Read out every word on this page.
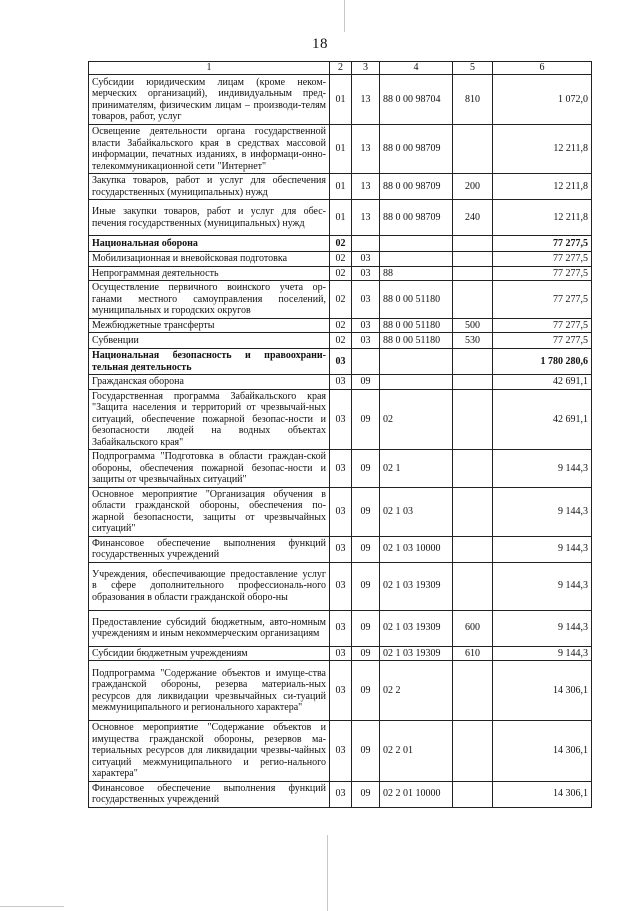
18
1	2	3	4	5	6
Субсидии юридическим лицам (кроме неком-мерческих организаций), индивидуальным пред-принимателям, физическим лицам – производи-телям товаров, работ, услуг	01	13	88 0 00 98704	810	1 072,0
Освещение деятельности органа государственной власти Забайкальского края в средствах массовой информации, печатных изданиях, в информаци-онно-телекоммуникационной сети "Интернет"	01	13	88 0 00 98709		12 211,8
Закупка товаров, работ и услуг для обеспечения государственных (муниципальных) нужд	01	13	88 0 00 98709	200	12 211,8
Иные закупки товаров, работ и услуг для обес-печения государственных (муниципальных) нужд	01	13	88 0 00 98709	240	12 211,8
Национальная оборона	02				77 277,5
Мобилизационная и вневойсковая подготовка	02	03			77 277,5
Непрограммная деятельность	02	03	88		77 277,5
Осуществление первичного воинского учета ор-ганами местного самоуправления поселений, муниципальных и городских округов	02	03	88 0 00 51180		77 277,5
Межбюджетные трансферты	02	03	88 0 00 51180	500	77 277,5
Субвенции	02	03	88 0 00 51180	530	77 277,5
Национальная безопасность и правоохрани-тельная деятельность	03				1 780 280,6
Гражданская оборона	03	09			42 691,1
Государственная программа Забайкальского края "Защита населения и территорий от чрезвычай-ных ситуаций, обеспечение пожарной безопас-ности и безопасности людей на водных объектах Забайкальского края"	03	09	02		42 691,1
Подпрограмма "Подготовка в области граждан-ской обороны, обеспечения пожарной безопас-ности и защиты от чрезвычайных ситуаций"	03	09	02 1		9 144,3
Основное мероприятие "Организация обучения в области гражданской обороны, обеспечения по-жарной безопасности, защиты от чрезвычайных ситуаций"	03	09	02 1 03		9 144,3
Финансовое обеспечение выполнения функций государственных учреждений	03	09	02 1 03 10000		9 144,3
Учреждения, обеспечивающие предоставление услуг в сфере дополнительного профессиональ-ного образования в области гражданской оборо-ны	03	09	02 1 03 19309		9 144,3
Предоставление субсидий бюджетным, авто-номным учреждениям и иным некоммерческим организациям	03	09	02 1 03 19309	600	9 144,3
Субсидии бюджетным учреждениям	03	09	02 1 03 19309	610	9 144,3
Подпрограмма "Содержание объектов и имуще-ства гражданской обороны, резерва материаль-ных ресурсов для ликвидации чрезвычайных си-туаций межмуниципального и регионального характера"	03	09	02 2		14 306,1
Основное мероприятие "Содержание объектов и имущества гражданской обороны, резервов ма-териальных ресурсов для ликвидации чрезвы-чайных ситуаций межмуниципального и регио-нального характера"	03	09	02 2 01		14 306,1
Финансовое обеспечение выполнения функций государственных учреждений	03	09	02 2 01 10000		14 306,1
